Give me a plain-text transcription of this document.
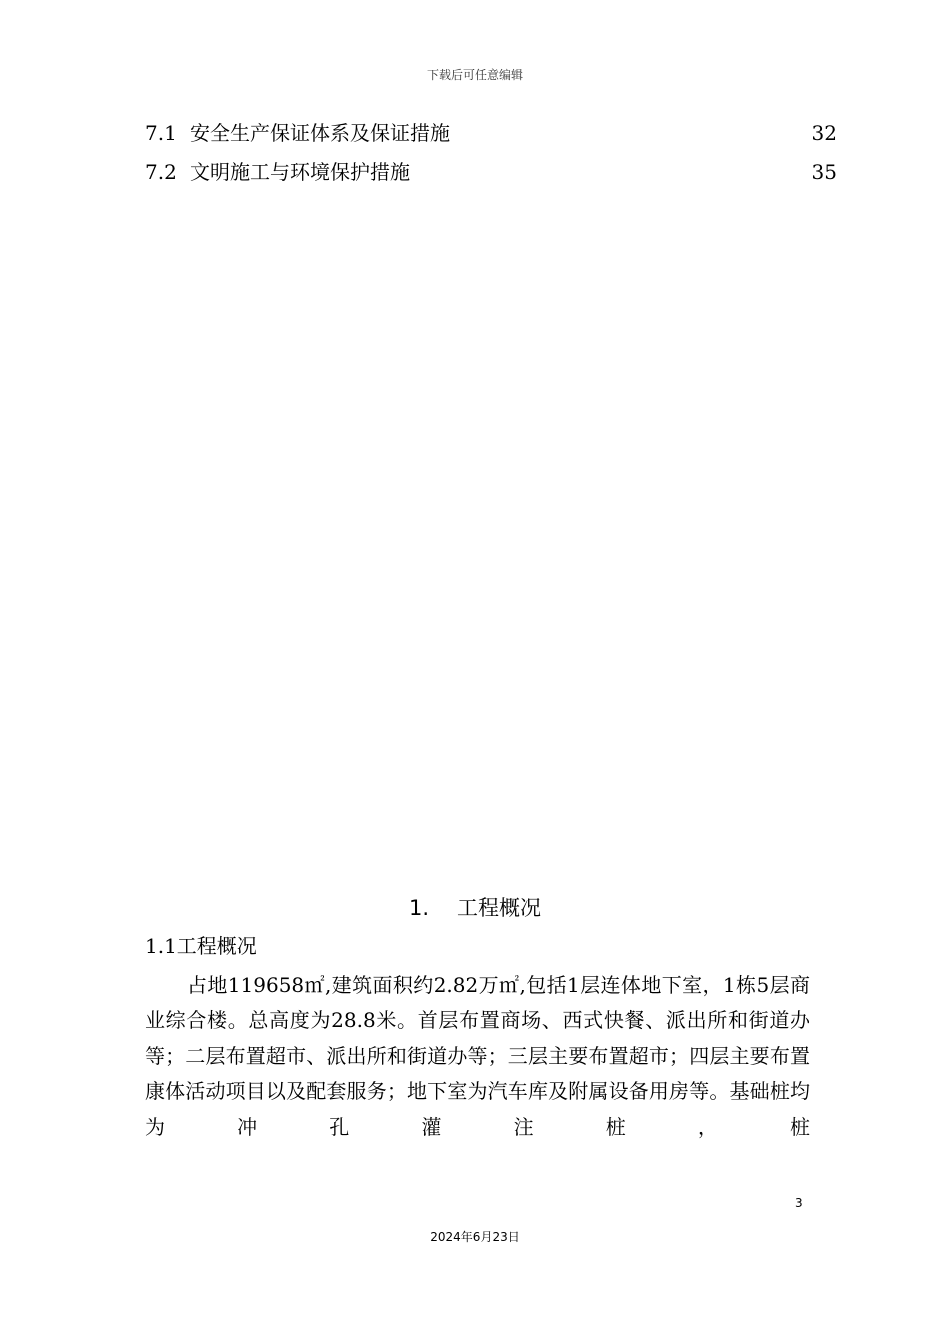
下载后可任意编辑
7.1 安全生产保证体系及保证措施	32
7.2 文明施工与环境保护措施	35
1. 工程概况
1.1工程概况
占地119658㎡,建筑面积约2.82万㎡,包括1层连体地下室，1栋5层商业综合楼。总高度为28.8米。首层布置商场、西式快餐、派出所和街道办等；二层布置超市、派出所和街道办等；三层主要布置超市；四层主要布置康体活动项目以及配套服务；地下室为汽车库及附属设备用房等。基础桩均为冲孔灌注桩，桩
3
2024年6月23日
